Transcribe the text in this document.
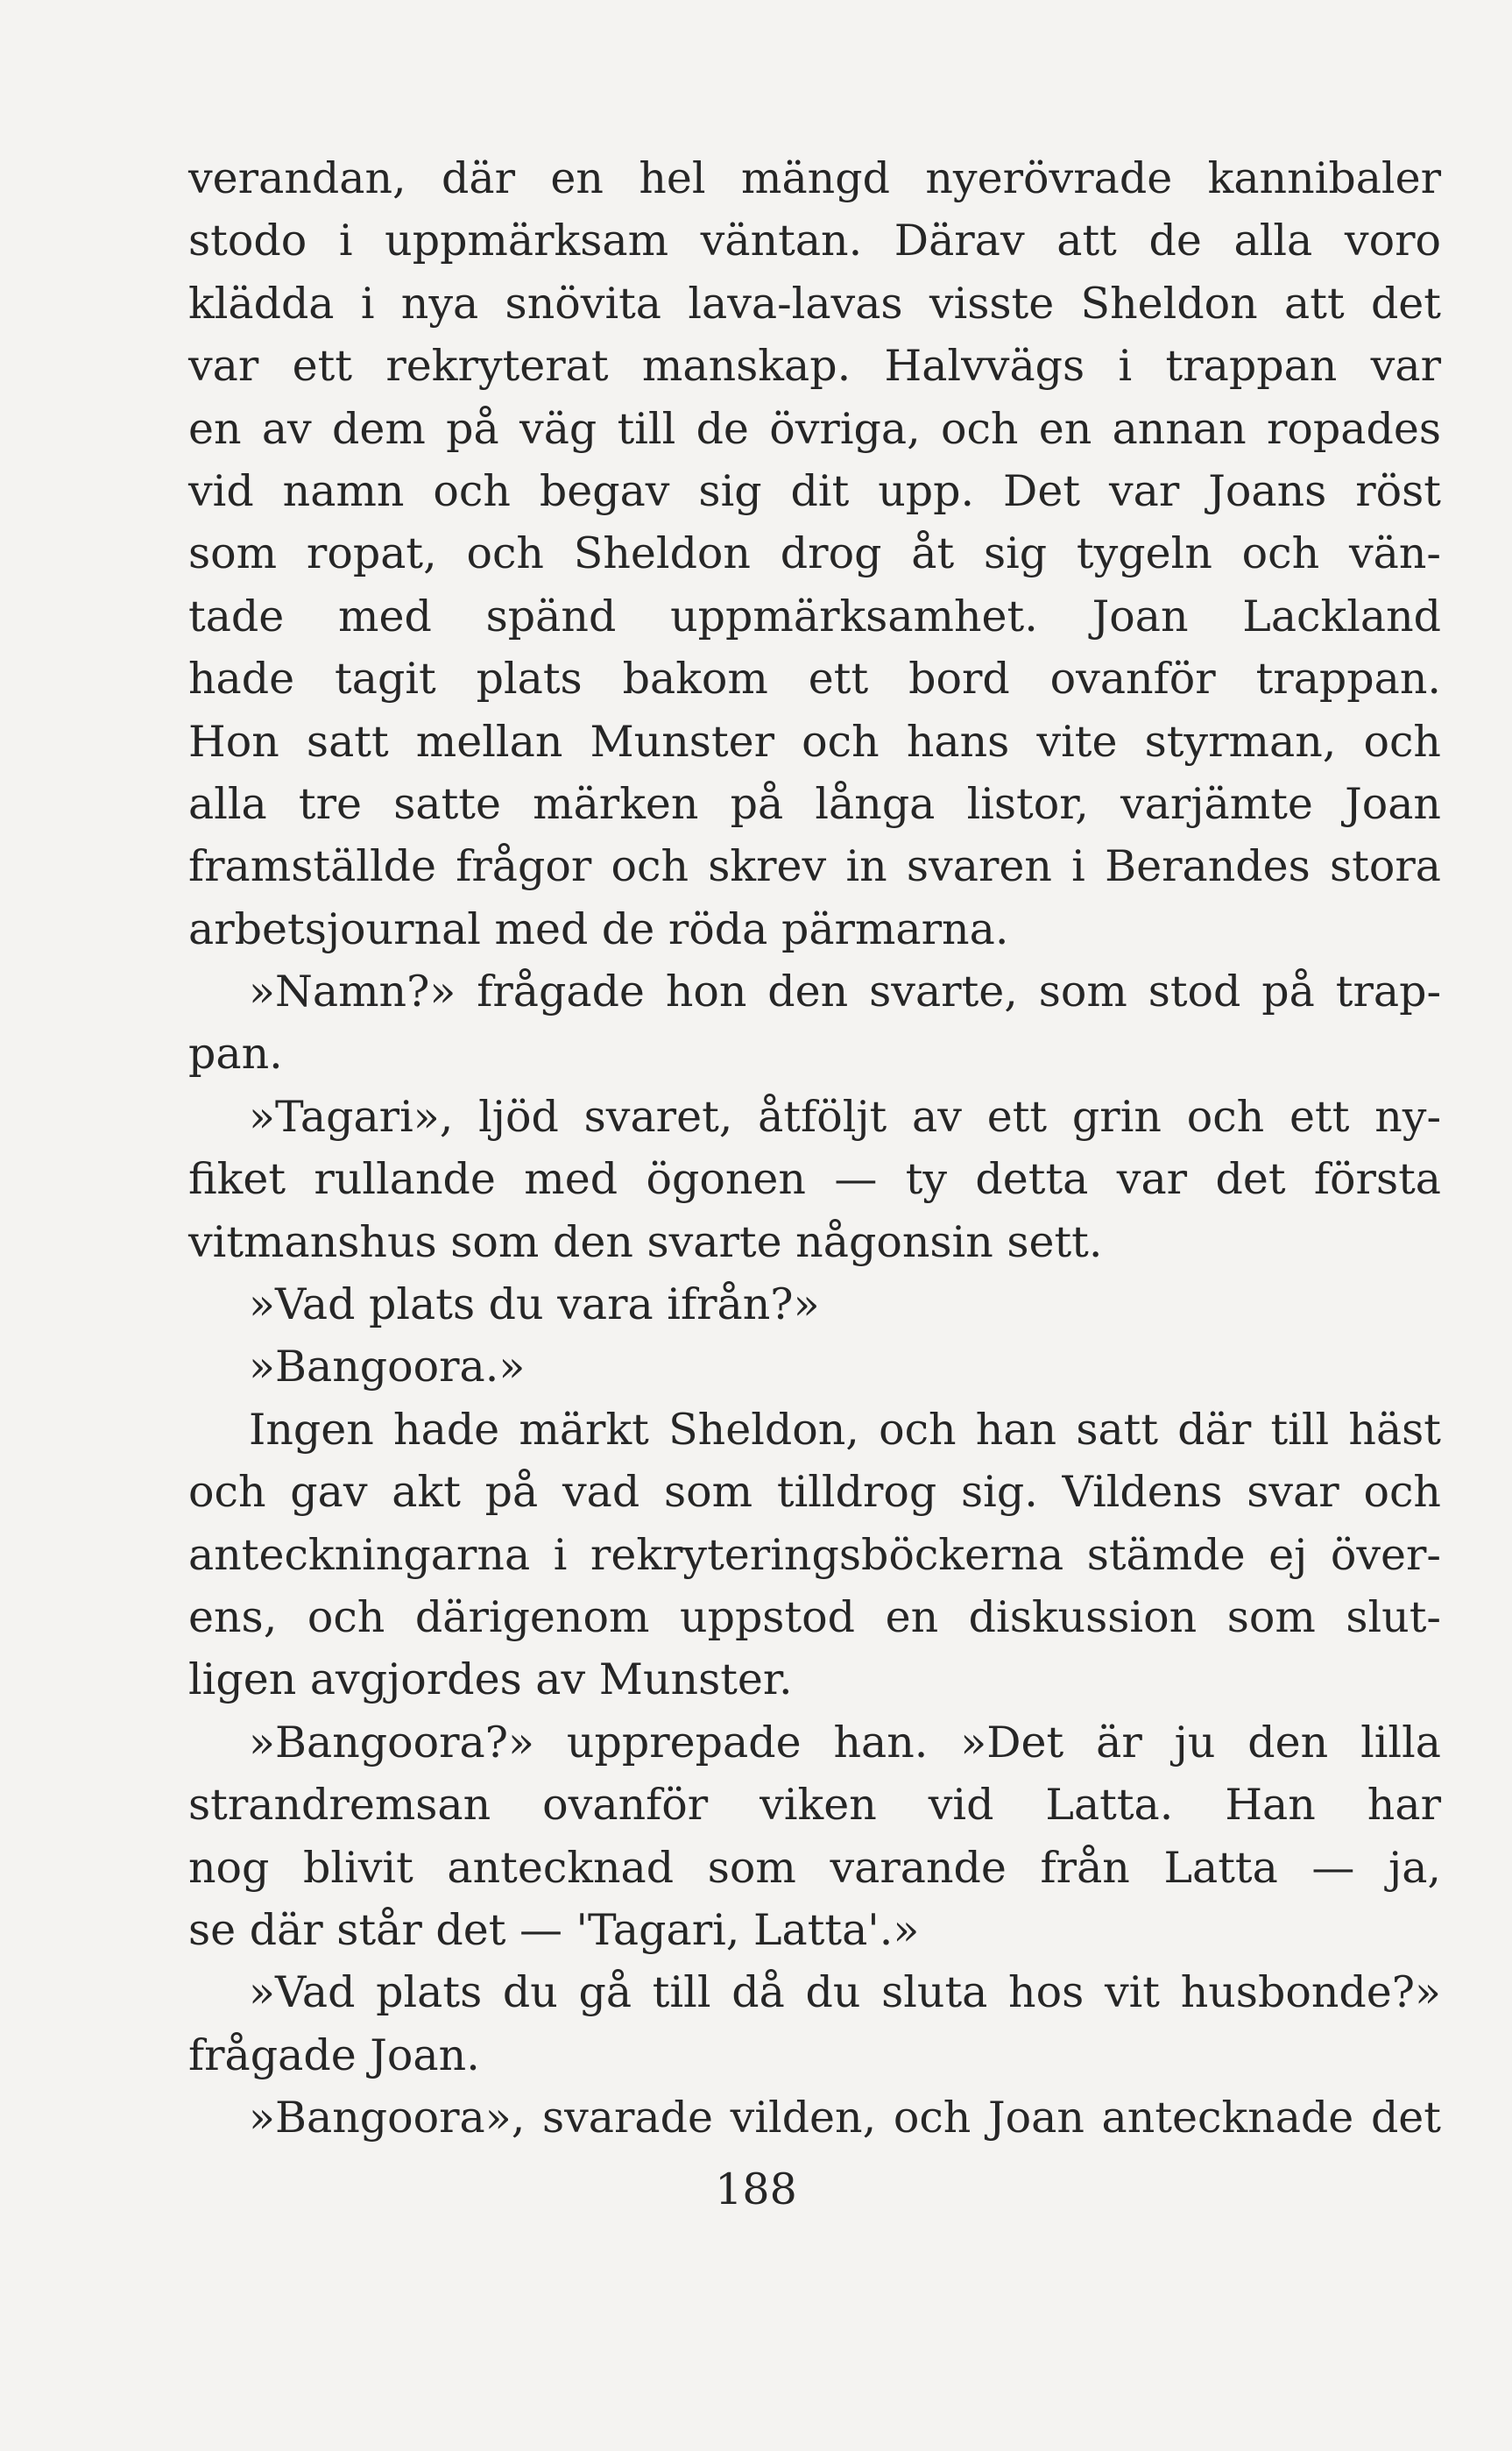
verandan, där en hel mängd nyerövrade kannibaler
stodo i uppmärksam väntan. Därav att de alla voro
klädda i nya snövita lava-lavas visste Sheldon att det
var ett rekryterat manskap. Halvvägs i trappan var
en av dem på väg till de övriga, och en annan ropades
vid namn och begav sig dit upp. Det var Joans röst
som ropat, och Sheldon drog åt sig tygeln och vän-
tade med spänd uppmärksamhet. Joan Lackland
hade tagit plats bakom ett bord ovanför trappan.
Hon satt mellan Munster och hans vite styrman, och
alla tre satte märken på långa listor, varjämte Joan
framställde frågor och skrev in svaren i Berandes stora
arbetsjournal med de röda pärmarna.
»Namn?» frågade hon den svarte, som stod på trap-
pan.
»Tagari», ljöd svaret, åtföljt av ett grin och ett ny-
fiket rullande med ögonen — ty detta var det första
vitmanshus som den svarte någonsin sett.
»Vad plats du vara ifrån?»
»Bangoora.»
Ingen hade märkt Sheldon, och han satt där till häst
och gav akt på vad som tilldrog sig. Vildens svar och
anteckningarna i rekryteringsböckerna stämde ej över-
ens, och därigenom uppstod en diskussion som slut-
ligen avgjordes av Munster.
»Bangoora?» upprepade han. »Det är ju den lilla
strandremsan ovanför viken vid Latta. Han har
nog blivit antecknad som varande från Latta — ja,
se där står det — 'Tagari, Latta'.»
»Vad plats du gå till då du sluta hos vit husbonde?»
frågade Joan.
»Bangoora», svarade vilden, och Joan antecknade det
188
